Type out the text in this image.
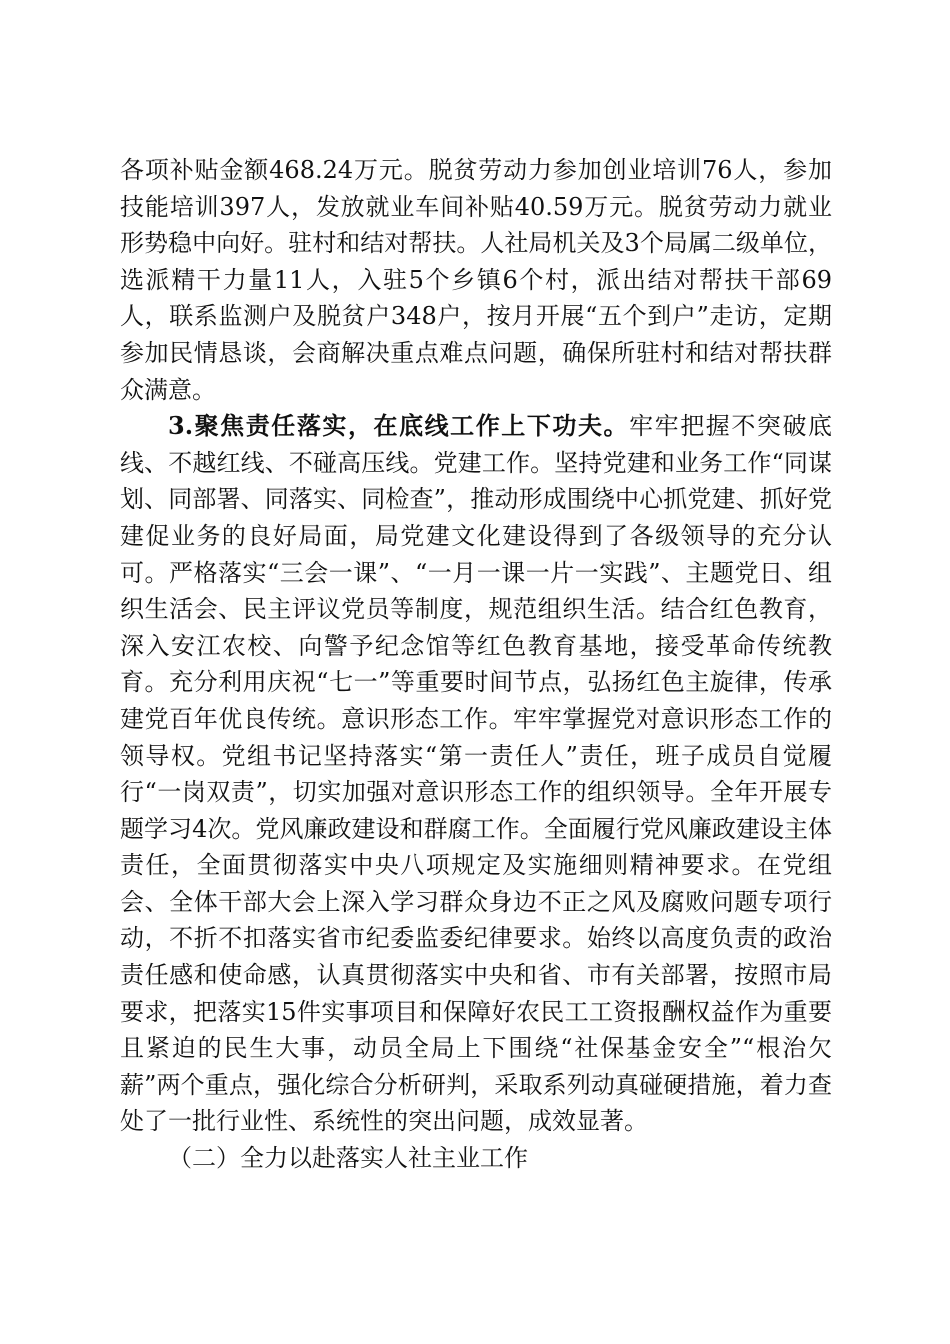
各项补贴金额468.24万元。脱贫劳动力参加创业培训76人，参加技能培训397人，发放就业车间补贴40.59万元。脱贫劳动力就业形势稳中向好。驻村和结对帮扶。人社局机关及3个局属二级单位，选派精干力量11人，入驻5个乡镇6个村，派出结对帮扶干部69人，联系监测户及脱贫户348户，按月开展“五个到户”走访，定期参加民情恳谈，会商解决重点难点问题，确保所驻村和结对帮扶群众满意。

3.聚焦责任落实，在底线工作上下功夫。牢牢把握不突破底线、不越红线、不碰高压线。党建工作。坚持党建和业务工作“同谋划、同部署、同落实、同检查”，推动形成围绕中心抓党建、抓好党建促业务的良好局面，局党建文化建设得到了各级领导的充分认可。严格落实“三会一课”、“一月一课一片一实践”、主题党日、组织生活会、民主评议党员等制度，规范组织生活。结合红色教育，深入安江农校、向警予纪念馆等红色教育基地，接受革命传统教育。充分利用庆祝“七一”等重要时间节点，弘扬红色主旋律，传承建党百年优良传统。意识形态工作。牢牢掌握党对意识形态工作的领导权。党组书记坚持落实“第一责任人”责任，班子成员自觉履行“一岗双责”，切实加强对意识形态工作的组织领导。全年开展专题学习4次。党风廉政建设和群腐工作。全面履行党风廉政建设主体责任，全面贯彻落实中央八项规定及实施细则精神要求。在党组会、全体干部大会上深入学习群众身边不正之风及腐败问题专项行动，不折不扣落实省市纪委监委纪律要求。始终以高度负责的政治责任感和使命感，认真贯彻落实中央和省、市有关部署，按照市局要求，把落实15件实事项目和保障好农民工工资报酬权益作为重要且紧迫的民生大事，动员全局上下围绕“社保基金安全”“根治欠薪”两个重点，强化综合分析研判，采取系列动真碰硬措施，着力查处了一批行业性、系统性的突出问题，成效显著。

（二）全力以赴落实人社主业工作
